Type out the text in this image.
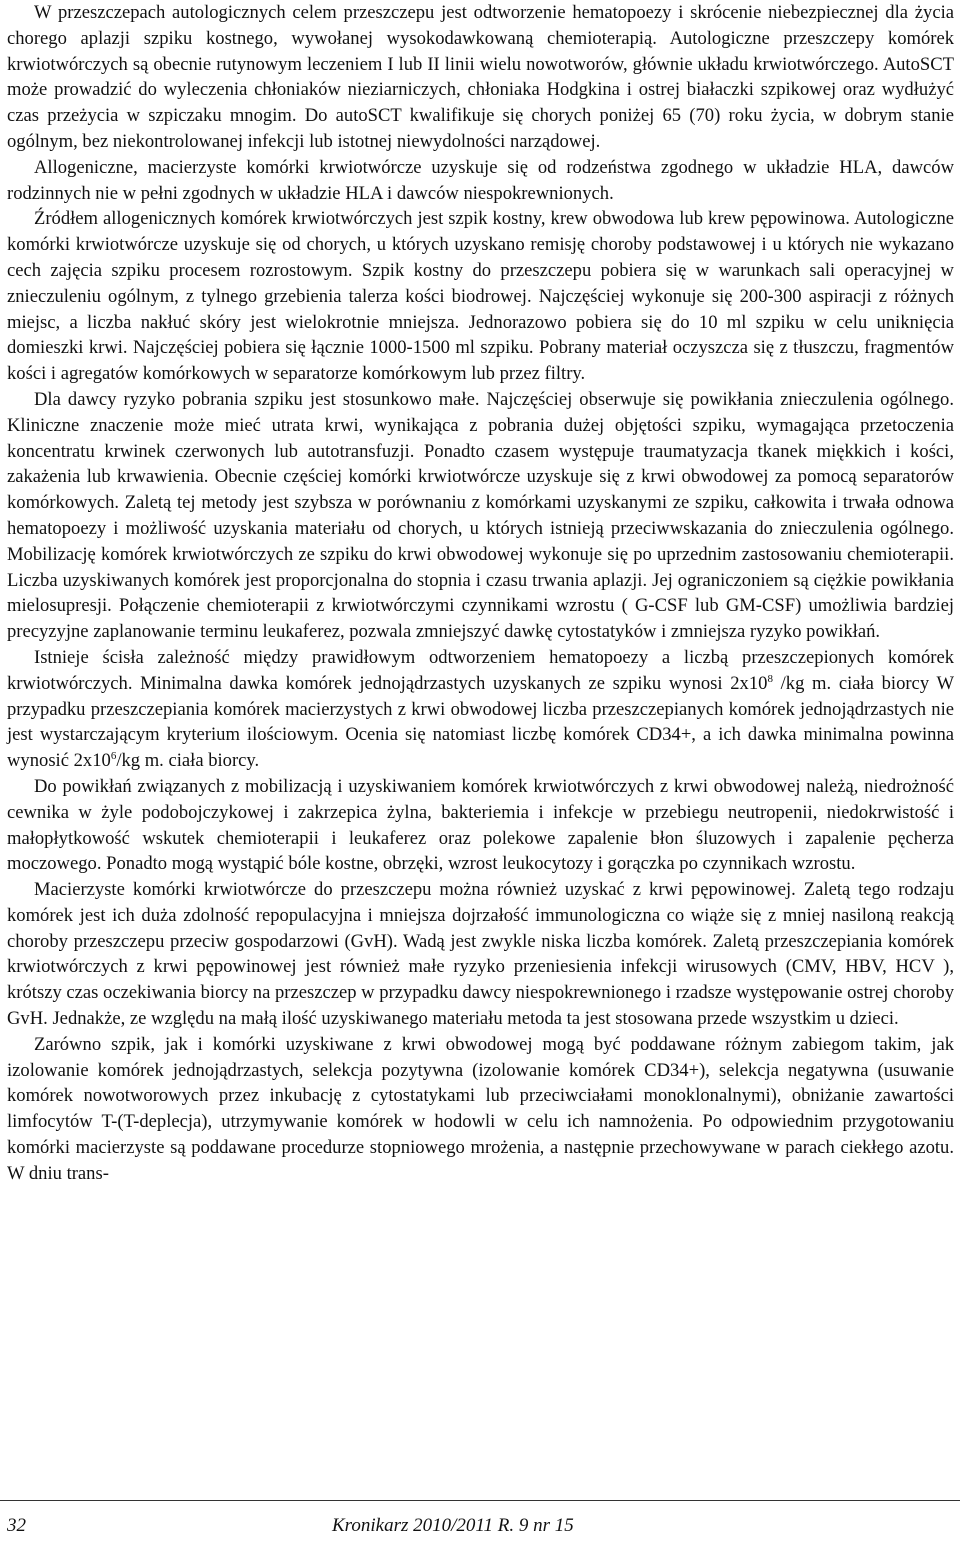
W przeszczepach autologicznych celem przeszczepu jest odtworzenie hematopoezy i skrócenie niebezpiecznej dla życia chorego aplazji szpiku kostnego, wywołanej wysokodawkowaną chemioterapią. Autologiczne przeszczepy komórek krwiotwórczych są obecnie rutynowym leczeniem I lub II linii wielu nowotworów, głównie układu krwiotwórczego. AutoSCT może prowadzić do wyleczenia chłoniaków nieziarniczych, chłoniaka Hodgkina i ostrej białaczki szpikowej oraz wydłużyć czas przeżycia w szpiczaku mnogim. Do autoSCT kwalifikuje się chorych poniżej 65 (70) roku życia, w dobrym stanie ogólnym, bez niekontrolowanej infekcji lub istotnej niewydolności narządowej.

Allogeniczne, macierzyste komórki krwiotwórcze uzyskuje się od rodzeństwa zgodnego w układzie HLA, dawców rodzinnych nie w pełni zgodnych w układzie HLA i dawców niespokrewnionych.

Źródłem allogenicznych komórek krwiotwórczych jest szpik kostny, krew obwodowa lub krew pępowinowa. Autologiczne komórki krwiotwórcze uzyskuje się od chorych, u których uzyskano remisję choroby podstawowej i u których nie wykazano cech zajęcia szpiku procesem rozrostowym. Szpik kostny do przeszczepu pobiera się w warunkach sali operacyjnej w znieczuleniu ogólnym, z tylnego grzebienia talerza kości biodrowej. Najczęściej wykonuje się 200-300 aspiracji z różnych miejsc, a liczba nakłuć skóry jest wielokrotnie mniejsza. Jednorazowo pobiera się do 10 ml szpiku w celu uniknięcia domieszki krwi. Najczęściej pobiera się łącznie 1000-1500 ml szpiku. Pobrany materiał oczyszcza się z tłuszczu, fragmentów kości i agregatów komórkowych w separatorze komórkowym lub przez filtry.

Dla dawcy ryzyko pobrania szpiku jest stosunkowo małe. Najczęściej obserwuje się powikłania znieczulenia ogólnego. Kliniczne znaczenie może mieć utrata krwi, wynikająca z pobrania dużej objętości szpiku, wymagająca przetoczenia koncentratu krwinek czerwonych lub autotransfuzji. Ponadto czasem występuje traumatyzacja tkanek miękkich i kości, zakażenia lub krwawienia. Obecnie częściej komórki krwiotwórcze uzyskuje się z krwi obwodowej za pomocą separatorów komórkowych. Zaletą tej metody jest szybsza w porównaniu z komórkami uzyskanymi ze szpiku, całkowita i trwała odnowa hematopoezy i możliwość uzyskania materiału od chorych, u których istnieją przeciwwskazania do znieczulenia ogólnego. Mobilizację komórek krwiotwórczych ze szpiku do krwi obwodowej wykonuje się po uprzednim zastosowaniu chemioterapii. Liczba uzyskiwanych komórek jest proporcjonalna do stopnia i czasu trwania aplazji. Jej ograniczoniem są ciężkie powikłania mielosupresji. Połączenie chemioterapii z krwiotwórczymi czynnikami wzrostu ( G-CSF lub GM-CSF) umożliwia bardziej precyzyjne zaplanowanie terminu leukaferez, pozwala zmniejszyć dawkę cytostatyków i zmniejsza ryzyko powikłań.

Istnieje ścisła zależność między prawidłowym odtworzeniem hematopoezy a liczbą przeszczepionych komórek krwiotwórczych. Minimalna dawka komórek jednojądrzastych uzyskanych ze szpiku wynosi $2x10^8$ /kg m. ciała biorcy W przypadku przeszczepiania komórek macierzystych z krwi obwodowej liczba przeszczepianych komórek jednojądrzastych nie jest wystarczającym kryterium ilościowym. Ocenia się natomiast liczbę komórek CD34+, a ich dawka minimalna powinna wynosić $2x10^6/kg$ m. ciała biorcy.

Do powikłań związanych z mobilizacją i uzyskiwaniem komórek krwiotwórczych z krwi obwodowej należą, niedrożność cewnika w żyle podobojczykowej i zakrzepica żylna, bakteriemia i infekcje w przebiegu neutropenii, niedokrwistość i małopłytkowość wskutek chemioterapii i leukaferez oraz polekowe zapalenie błon śluzowych i zapalenie pęcherza moczowego. Ponadto mogą wystąpić bóle kostne, obrzęki, wzrost leukocytozy i gorączka po czynnikach wzrostu.

Macierzyste komórki krwiotwórcze do przeszczepu można również uzyskać z krwi pępowinowej. Zaletą tego rodzaju komórek jest ich duża zdolność repopulacyjna i mniejsza dojrzałość immunologiczna co wiąże się z mniej nasiloną reakcją choroby przeszczepu przeciw gospodarzowi (GvH). Wadą jest zwykle niska liczba komórek. Zaletą przeszczepiania komórek krwiotwórczych z krwi pępowinowej jest również małe ryzyko przeniesienia infekcji wirusowych (CMV, HBV, HCV ), krótszy czas oczekiwania biorcy na przeszczep w przypadku dawcy niespokrewnionego i rzadsze występowanie ostrej choroby GvH. Jednakże, ze względu na małą ilość uzyskiwanego materiału metoda ta jest stosowana przede wszystkim u dzieci.

Zarówno szpik, jak i komórki uzyskiwane z krwi obwodowej mogą być poddawane różnym zabiegom takim, jak izolowanie komórek jednojądrzastych, selekcja pozytywna (izolowanie komórek CD34+), selekcja negatywna (usuwanie komórek nowotworowych przez inkubację z cytostatykami lub przeciwciałami monoklonalnymi), obniżanie zawartości limfocytów T-(T-deplecja), utrzymywanie komórek w hodowli w celu ich namnożenia. Po odpowiednim przygotowaniu komórki macierzyste są poddawane procedurze stopniowego mrożenia, a następnie przechowywane w parach ciekłego azotu. W dniu trans-

32	Kronikarz 2010/2011 R. 9 nr 15
